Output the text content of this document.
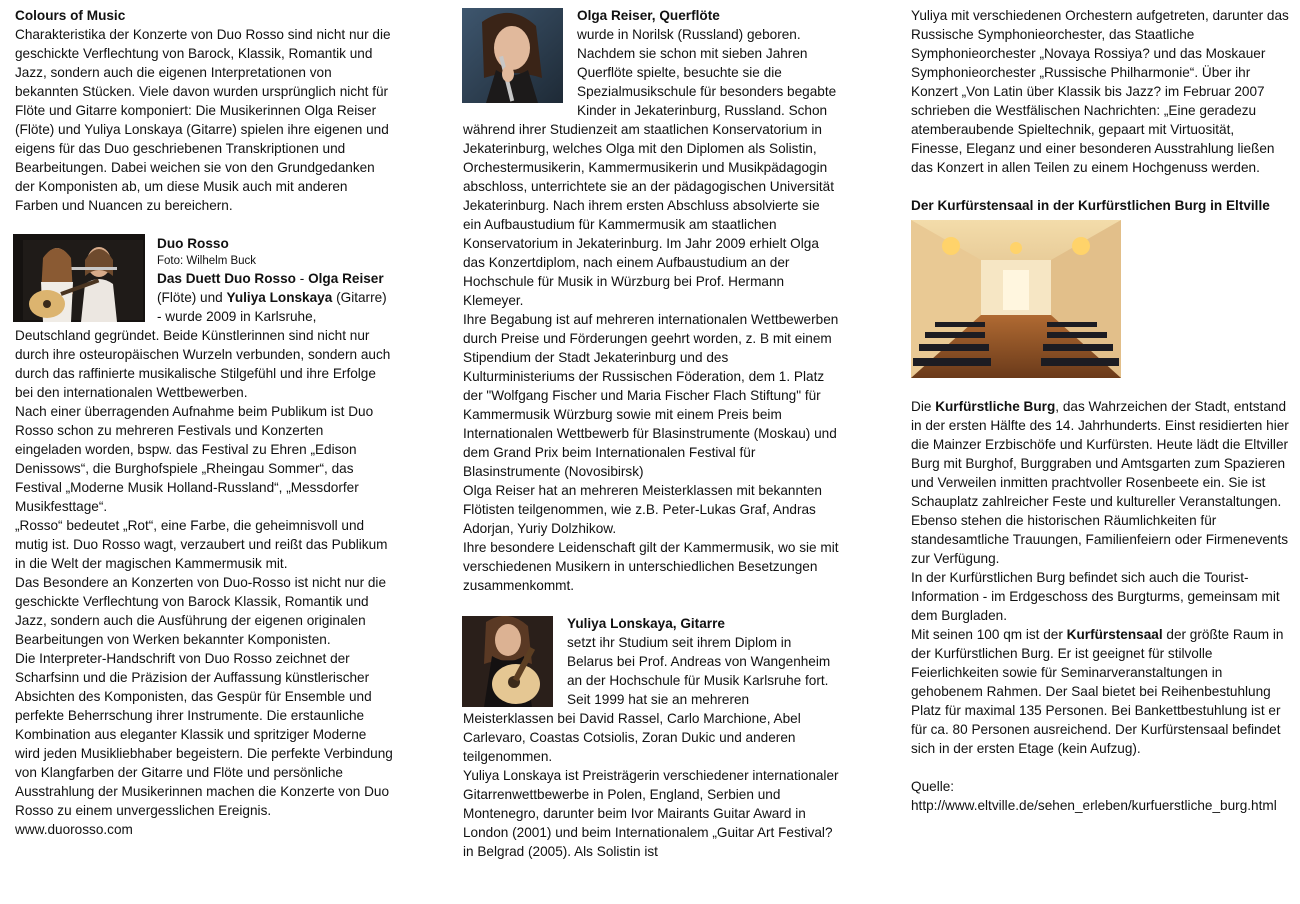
Colours of Music

Charakteristika der Konzerte von Duo Rosso sind nicht nur die geschickte Verflechtung von Barock, Klassik, Romantik und Jazz, sondern auch die eigenen Interpretationen von bekannten Stücken. Viele davon wurden ursprünglich nicht für Flöte und Gitarre komponiert: Die Musikerinnen Olga Reiser (Flöte) und Yuliya Lonskaya (Gitarre) spielen ihre eigenen und eigens für das Duo geschriebenen Transkriptionen und Bearbeitungen. Dabei weichen sie von den Grundgedanken der Komponisten ab, um diese Musik auch mit anderen Farben und Nuancen zu bereichern.

Duo Rosso
Foto: Wilhelm Buck
Das Duett Duo Rosso - Olga Reiser (Flöte) und Yuliya Lonskaya (Gitarre) - wurde 2009 in Karlsruhe, Deutschland gegründet. Beide Künstlerinnen sind nicht nur durch ihre osteuropäischen Wurzeln verbunden, sondern auch durch das raffinierte musikalische Stilgefühl und ihre Erfolge bei den internationalen Wettbewerben.

Nach einer überragenden Aufnahme beim Publikum ist Duo Rosso schon zu mehreren Festivals und Konzerten eingeladen worden, bspw. das Festival zu Ehren „Edison Denissows“, die Burghofspiele „Rheingau Sommer“, das Festival „Moderne Musik Holland-Russland“, „Messdorfer Musikfesttage“.

„Rosso“ bedeutet „Rot“, eine Farbe, die geheimnisvoll und mutig ist. Duo Rosso wagt, verzaubert und reißt das Publikum in die Welt der magischen Kammermusik mit.

Das Besondere an Konzerten von Duo-Rosso ist nicht nur die geschickte Verflechtung von Barock Klassik, Romantik und Jazz, sondern auch die Ausführung der eigenen originalen Bearbeitungen von Werken bekannter Komponisten.

Die Interpreter-Handschrift von Duo Rosso zeichnet der Scharfsinn und die Präzision der Auffassung künstlerischer Absichten des Komponisten, das Gespür für Ensemble und perfekte Beherrschung ihrer Instrumente. Die erstaunliche Kombination aus eleganter Klassik und spritziger Moderne wird jeden Musikliebhaber begeistern. Die perfekte Verbindung von Klangfarben der Gitarre und Flöte und persönliche Ausstrahlung der Musikerinnen machen die Konzerte von Duo Rosso zu einem unvergesslichen Ereignis.

www.duorosso.com

Olga Reiser, Querflöte
wurde in Norilsk (Russland) geboren. Nachdem sie schon mit sieben Jahren Querflöte spielte, besuchte sie die Spezialmusikschule für besonders begabte Kinder in Jekaterinburg, Russland. Schon während ihrer Studienzeit am staatlichen Konservatorium in Jekaterinburg, welches Olga mit den Diplomen als Solistin, Orchestermusikerin, Kammermusikerin und Musikpädagogin abschloss, unterrichtete sie an der pädagogischen Universität Jekaterinburg. Nach ihrem ersten Abschluss absolvierte sie ein Aufbaustudium für Kammermusik am staatlichen Konservatorium in Jekaterinburg. Im Jahr 2009 erhielt Olga das Konzertdiplom, nach einem Aufbaustudium an der Hochschule für Musik in Würzburg bei Prof. Hermann Klemeyer.

Ihre Begabung ist auf mehreren internationalen Wettbewerben durch Preise und Förderungen geehrt worden, z. B mit einem Stipendium der Stadt Jekaterinburg und des Kulturministeriums der Russischen Föderation, dem 1. Platz der "Wolfgang Fischer und Maria Fischer Flach Stiftung" für Kammermusik Würzburg sowie mit einem Preis beim Internationalen Wettbewerb für Blasinstrumente (Moskau) und dem Grand Prix beim Internationalen Festival für Blasinstrumente (Novosibirsk)

Olga Reiser hat an mehreren Meisterklassen mit bekannten Flötisten teilgenommen, wie z.B. Peter-Lukas Graf, Andras Adorjan, Yuriy Dolzhikow.

Ihre besondere Leidenschaft gilt der Kammermusik, wo sie mit verschiedenen Musikern in unterschiedlichen Besetzungen zusammenkommt.

Yuliya Lonskaya, Gitarre
setzt ihr Studium seit ihrem Diplom in Belarus bei Prof. Andreas von Wangenheim an der Hochschule für Musik Karlsruhe fort. Seit 1999 hat sie an mehreren Meisterklassen bei David Rassel, Carlo Marchione, Abel Carlevaro, Coastas Cotsiolis, Zoran Dukic und anderen teilgenommen.

Yuliya Lonskaya ist Preisträgerin verschiedener internationaler Gitarrenwettbewerbe in Polen, England, Serbien und Montenegro, darunter beim Ivor Mairants Guitar Award in London (2001) und beim Internationalem „Guitar Art Festival? in Belgrad (2005). Als Solistin ist

Yuliya mit verschiedenen Orchestern aufgetreten, darunter das Russische Symphonieorchester, das Staatliche Symphonieorchester „Novaya Rossiya? und das Moskauer Symphonieorchester „Russische Philharmonie“. Über ihr Konzert „Von Latin über Klassik bis Jazz? im Februar 2007 schrieben die Westfälischen Nachrichten: „Eine geradezu atemberaubende Spieltechnik, gepaart mit Virtuosität, Finesse, Eleganz und einer besonderen Ausstrahlung ließen das Konzert in allen Teilen zu einem Hochgenuss werden.

Der Kurfürstensaal in der Kurfürstlichen Burg in Eltville

Die Kurfürstliche Burg, das Wahrzeichen der Stadt, entstand in der ersten Hälfte des 14. Jahrhunderts. Einst residierten hier die Mainzer Erzbischöfe und Kurfürsten. Heute lädt die Eltviller Burg mit Burghof, Burggraben und Amtsgarten zum Spazieren und Verweilen inmitten prachtvoller Rosenbeete ein. Sie ist Schauplatz zahlreicher Feste und kultureller Veranstaltungen. Ebenso stehen die historischen Räumlichkeiten für standesamtliche Trauungen, Familienfeiern oder Firmenevents zur Verfügung.

In der Kurfürstlichen Burg befindet sich auch die Tourist-Information - im Erdgeschoss des Burgturms, gemeinsam mit dem Burgladen.

Mit seinen 100 qm ist der Kurfürstensaal der größte Raum in der Kurfürstlichen Burg. Er ist geeignet für stilvolle Feierlichkeiten sowie für Seminarveranstaltungen in gehobenem Rahmen. Der Saal bietet bei Reihenbestuhlung Platz für maximal 135 Personen. Bei Bankettbestuhlung ist er für ca. 80 Personen ausreichend. Der Kurfürstensaal befindet sich in der ersten Etage (kein Aufzug).

Quelle:

http://www.eltville.de/sehen_erleben/kurfuerstliche_burg.html
